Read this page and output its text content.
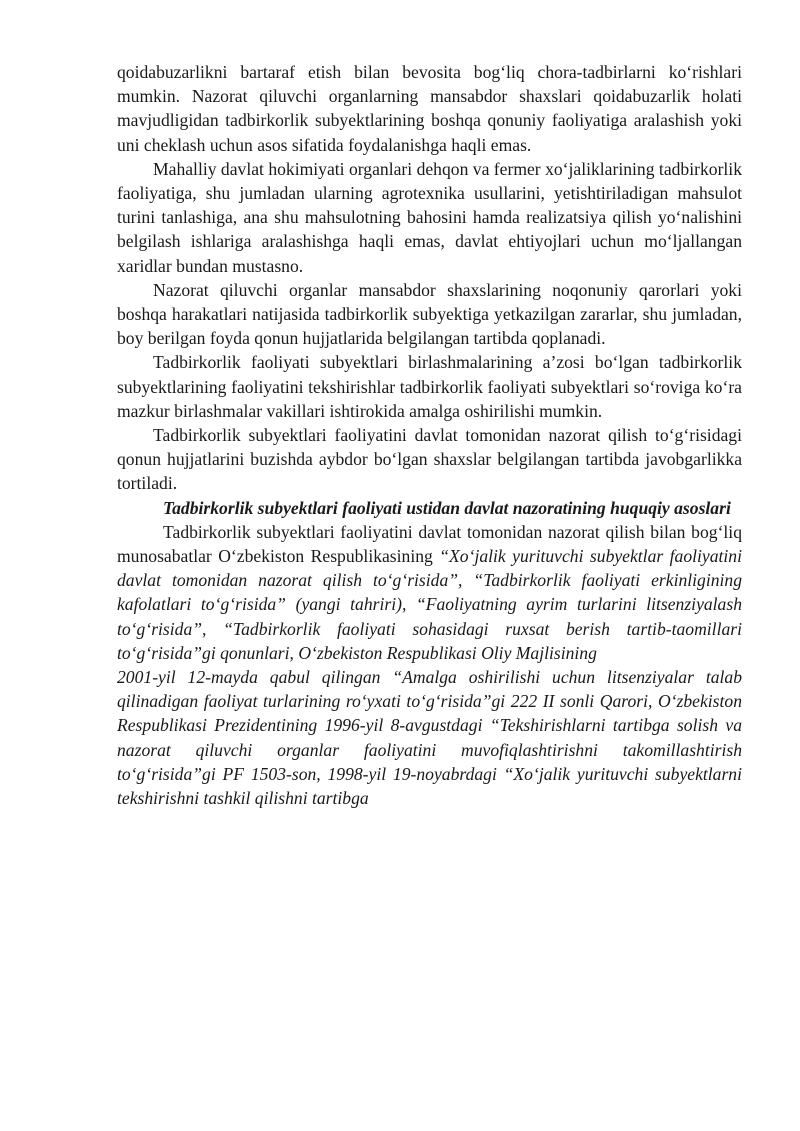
qoidabuzarlikni bartaraf etish bilan bevosita bog‘liq chora-tadbirlarni ko‘rishlari mumkin. Nazorat qiluvchi organlarning mansabdor shaxslari qoidabuzarlik holati mavjudligidan tadbirkorlik subyektlarining boshqa qonuniy faoliyatiga aralashish yoki uni cheklash uchun asos sifatida foydalanishga haqli emas.

Mahalliy davlat hokimiyati organlari dehqon va fermer xo‘jaliklarining tadbirkorlik faoliyatiga, shu jumladan ularning agrotexnika usullarini, yetishtiriladigan mahsulot turini tanlashiga, ana shu mahsulotning bahosini hamda realizatsiya qilish yo‘nalishini belgilash ishlariga aralashishga haqli emas, davlat ehtiyojlari uchun mo‘ljallangan xaridlar bundan mustasno.

Nazorat qiluvchi organlar mansabdor shaxslarining noqonuniy qarorlari yoki boshqa harakatlari natijasida tadbirkorlik subyektiga yetkazilgan zararlar, shu jumladan, boy berilgan foyda qonun hujjatlarida belgilangan tartibda qoplanadi.

Tadbirkorlik faoliyati subyektlari birlashmalarining a’zosi bo‘lgan tadbirkorlik subyektlarining faoliyatini tekshirishlar tadbirkorlik faoliyati subyektlari so‘roviga ko‘ra mazkur birlashmalar vakillari ishtirokida amalga oshirilishi mumkin.

Tadbirkorlik subyektlari faoliyatini davlat tomonidan nazorat qilish to‘g‘risidagi qonun hujjatlarini buzishda aybdor bo‘lgan shaxslar belgilangan tartibda javobgarlikka tortiladi.

Tadbirkorlik subyektlari faoliyati ustidan davlat nazoratining huquqiy asoslari

Tadbirkorlik subyektlari faoliyatini davlat tomonidan nazorat qilish bilan bog‘liq munosabatlar O‘zbekiston Respublikasining “Xo‘jalik yurituvchi subyektlar faoliyatini davlat tomonidan nazorat qilish to‘g‘risida”, “Tadbirkorlik faoliyati erkinligining kafolatlari to‘g‘risida” (yangi tahriri), “Faoliyatning ayrim turlarini litsenziyalash to‘g‘risida”, “Tadbirkorlik faoliyati sohasidagi ruxsat berish tartib-taomillari to‘g‘risida”gi qonunlari, O‘zbekiston Respublikasi Oliy Majlisining

2001-yil 12-mayda qabul qilingan “Amalga oshirilishi uchun litsenziyalar talab qilinadigan faoliyat turlarining ro‘yxati to‘g‘risida”gi 222 II sonli Qarori, O‘zbekiston Respublikasi Prezidentining 1996-yil 8-avgustdagi “Tekshirishlarni tartibga solish va nazorat qiluvchi organlar faoliyatini muvofiqlashtirishni takomillashtirish to‘g‘risida”gi PF 1503-son, 1998-yil 19-noyabrdagi “Xo‘jalik yurituvchi subyektlarni tekshirishni tashkil qilishni tartibga
